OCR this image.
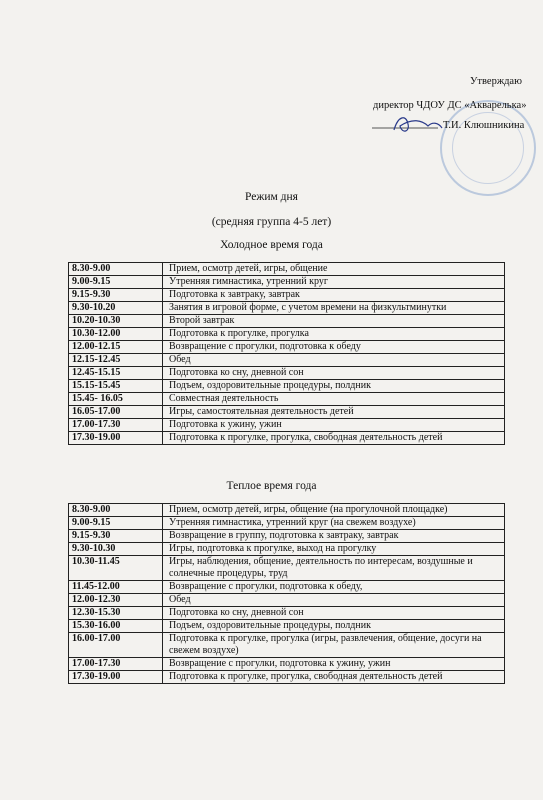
Утверждаю
директор ЧДОУ ДС «Акварелька»
Т.И. Клюшникина
Режим дня
(средняя группа 4-5 лет)
Холодное время года
8.30-9.00	Прием, осмотр детей, игры, общение
9.00-9.15	Утренняя гимнастика, утренний круг
9.15-9.30	Подготовка к завтраку, завтрак
9.30-10.20	Занятия в игровой форме, с учетом времени на физкультминутки
10.20-10.30	Второй завтрак
10.30-12.00	Подготовка к прогулке, прогулка
12.00-12.15	Возвращение с прогулки, подготовка к обеду
12.15-12.45	Обед
12.45-15.15	Подготовка ко сну, дневной сон
15.15-15.45	Подъем, оздоровительные процедуры, полдник
15.45- 16.05	Совместная деятельность
16.05-17.00	Игры, самостоятельная деятельность детей
17.00-17.30	Подготовка к ужину, ужин
17.30-19.00	Подготовка к прогулке, прогулка, свободная деятельность детей
Теплое время года
8.30-9.00	Прием, осмотр детей, игры, общение (на прогулочной площадке)
9.00-9.15	Утренняя гимнастика, утренний круг (на свежем воздухе)
9.15-9.30	Возвращение в группу, подготовка к завтраку, завтрак
9.30-10.30	Игры, подготовка к прогулке, выход на прогулку
10.30-11.45	Игры, наблюдения, общение, деятельность по интересам, воздушные и солнечные процедуры, труд
11.45-12.00	Возвращение с прогулки, подготовка к обеду,
12.00-12.30	Обед
12.30-15.30	Подготовка ко сну, дневной сон
15.30-16.00	Подъем, оздоровительные процедуры, полдник
16.00-17.00	Подготовка к прогулке, прогулка (игры, развлечения, общение, досуги на свежем воздухе)
17.00-17.30	Возвращение с прогулки, подготовка к ужину, ужин
17.30-19.00	Подготовка к прогулке, прогулка, свободная деятельность детей
